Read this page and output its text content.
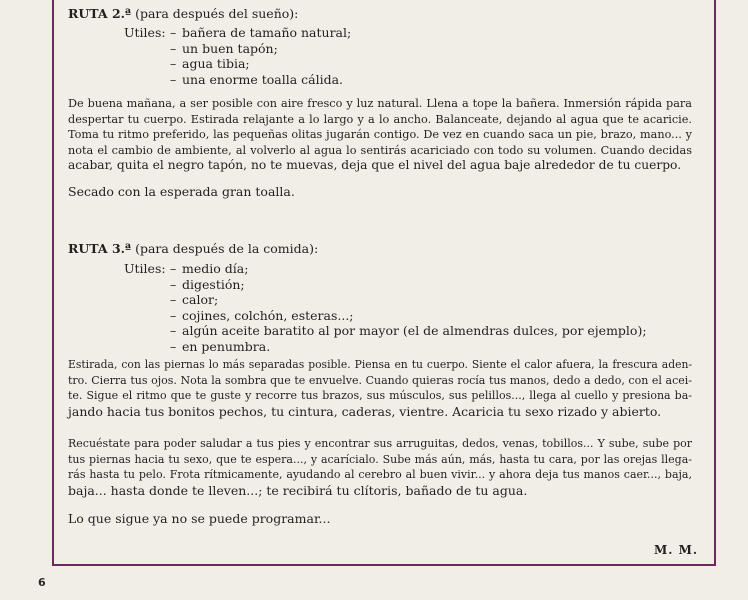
RUTA 2.ª (para después del sueño):
Utiles: – bañera de tamaño natural;
– un buen tapón;
– agua tibia;
– una enorme toalla cálida.
De buena mañana, a ser posible con aire fresco y luz natural. Llena a tope la bañera. Inmersión rápida para
despertar tu cuerpo. Estirada relajante a lo largo y a lo ancho. Balanceate, dejando al agua que te acaricie.
Toma tu ritmo preferido, las pequeñas olitas jugarán contigo. De vez en cuando saca un pie, brazo, mano... y
nota el cambio de ambiente, al volverlo al agua lo sentirás acariciado con todo su volumen. Cuando decidas
acabar, quita el negro tapón, no te muevas, deja que el nivel del agua baje alrededor de tu cuerpo.
Secado con la esperada gran toalla.
RUTA 3.ª (para después de la comida):
Utiles: – medio día;
– digestión;
– calor;
– cojines, colchón, esteras...;
– algún aceite baratito al por mayor (el de almendras dulces, por ejemplo);
– en penumbra.
Estirada, con las piernas lo más separadas posible. Piensa en tu cuerpo. Siente el calor afuera, la frescura aden-
tro. Cierra tus ojos. Nota la sombra que te envuelve. Cuando quieras rocía tus manos, dedo a dedo, con el acei-
te. Sigue el ritmo que te guste y recorre tus brazos, sus músculos, sus pelillos..., llega al cuello y presiona ba-
jando hacia tus bonitos pechos, tu cintura, caderas, vientre. Acaricia tu sexo rizado y abierto.
Recuéstate para poder saludar a tus pies y encontrar sus arruguitas, dedos, venas, tobillos... Y sube, sube por
tus piernas hacia tu sexo, que te espera..., y acarícialo. Sube más aún, más, hasta tu cara, por las orejas llega-
rás hasta tu pelo. Frota rítmicamente, ayudando al cerebro al buen vivir... y ahora deja tus manos caer..., baja,
baja... hasta donde te lleven...; te recibirá tu clítoris, bañado de tu agua.
Lo que sigue ya no se puede programar...
M. M.
6
